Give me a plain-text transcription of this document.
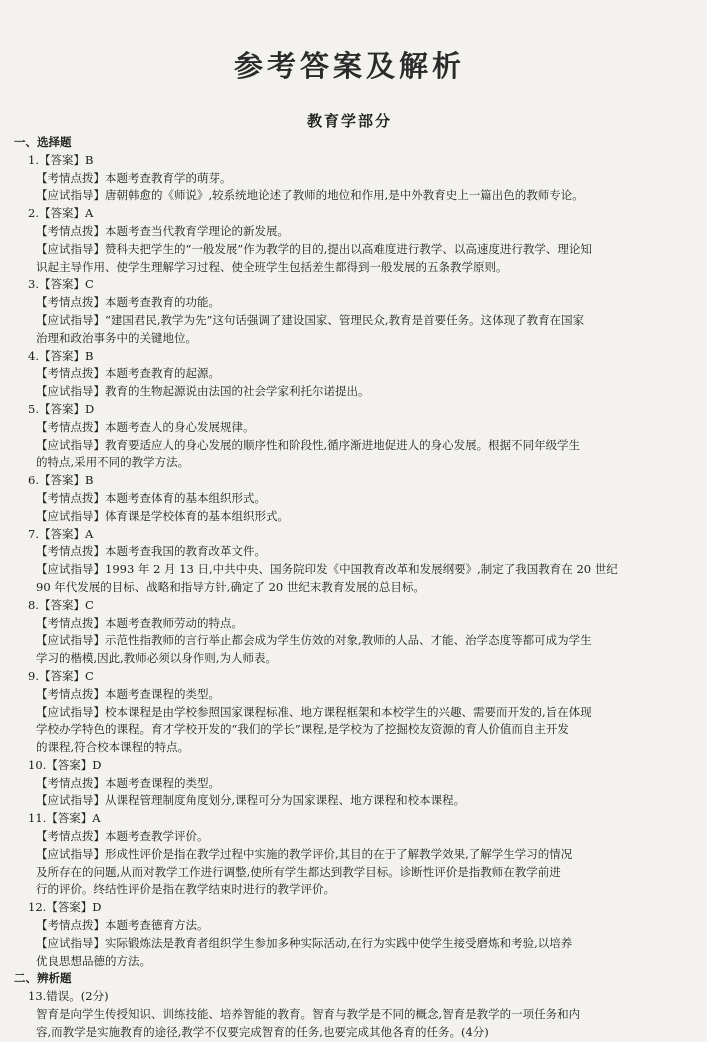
参考答案及解析
教育学部分
一、选择题
1.【答案】B
【考情点拨】本题考查教育学的萌芽。
【应试指导】唐朝韩愈的《师说》,较系统地论述了教师的地位和作用,是中外教育史上一篇出色的教师专论。
2.【答案】A
【考情点拨】本题考查当代教育学理论的新发展。
【应试指导】赞科夫把学生的“一般发展”作为教学的目的,提出以高难度进行教学、以高速度进行教学、理论知
识起主导作用、使学生理解学习过程、使全班学生包括差生都得到一般发展的五条教学原则。
3.【答案】C
【考情点拨】本题考查教育的功能。
【应试指导】“建国君民,教学为先”这句话强调了建设国家、管理民众,教育是首要任务。这体现了教育在国家
治理和政治事务中的关键地位。
4.【答案】B
【考情点拨】本题考查教育的起源。
【应试指导】教育的生物起源说由法国的社会学家利托尔诺提出。
5.【答案】D
【考情点拨】本题考查人的身心发展规律。
【应试指导】教育要适应人的身心发展的顺序性和阶段性,循序渐进地促进人的身心发展。根据不同年级学生
的特点,采用不同的教学方法。
6.【答案】B
【考情点拨】本题考查体育的基本组织形式。
【应试指导】体育课是学校体育的基本组织形式。
7.【答案】A
【考情点拨】本题考查我国的教育改革文件。
【应试指导】1993 年 2 月 13 日,中共中央、国务院印发《中国教育改革和发展纲要》,制定了我国教育在 20 世纪
90 年代发展的目标、战略和指导方针,确定了 20 世纪末教育发展的总目标。
8.【答案】C
【考情点拨】本题考查教师劳动的特点。
【应试指导】示范性指教师的言行举止都会成为学生仿效的对象,教师的人品、才能、治学态度等都可成为学生
学习的楷模,因此,教师必须以身作则,为人师表。
9.【答案】C
【考情点拨】本题考查课程的类型。
【应试指导】校本课程是由学校参照国家课程标准、地方课程框架和本校学生的兴趣、需要而开发的,旨在体现
学校办学特色的课程。育才学校开发的“我们的学长”课程,是学校为了挖掘校友资源的育人价值而自主开发
的课程,符合校本课程的特点。
10.【答案】D
【考情点拨】本题考查课程的类型。
【应试指导】从课程管理制度角度划分,课程可分为国家课程、地方课程和校本课程。
11.【答案】A
【考情点拨】本题考查教学评价。
【应试指导】形成性评价是指在教学过程中实施的教学评价,其目的在于了解教学效果,了解学生学习的情况
及所存在的问题,从而对教学工作进行调整,使所有学生都达到教学目标。诊断性评价是指教师在教学前进
行的评价。终结性评价是指在教学结束时进行的教学评价。
12.【答案】D
【考情点拨】本题考查德育方法。
【应试指导】实际锻炼法是教育者组织学生参加多种实际活动,在行为实践中使学生接受磨炼和考验,以培养
优良思想品德的方法。
二、辨析题
13.错误。(2分)
智育是向学生传授知识、训练技能、培养智能的教育。智育与教学是不同的概念,智育是教学的一项任务和内
容,而教学是实施教育的途径,教学不仅要完成智育的任务,也要完成其他各育的任务。(4分)
